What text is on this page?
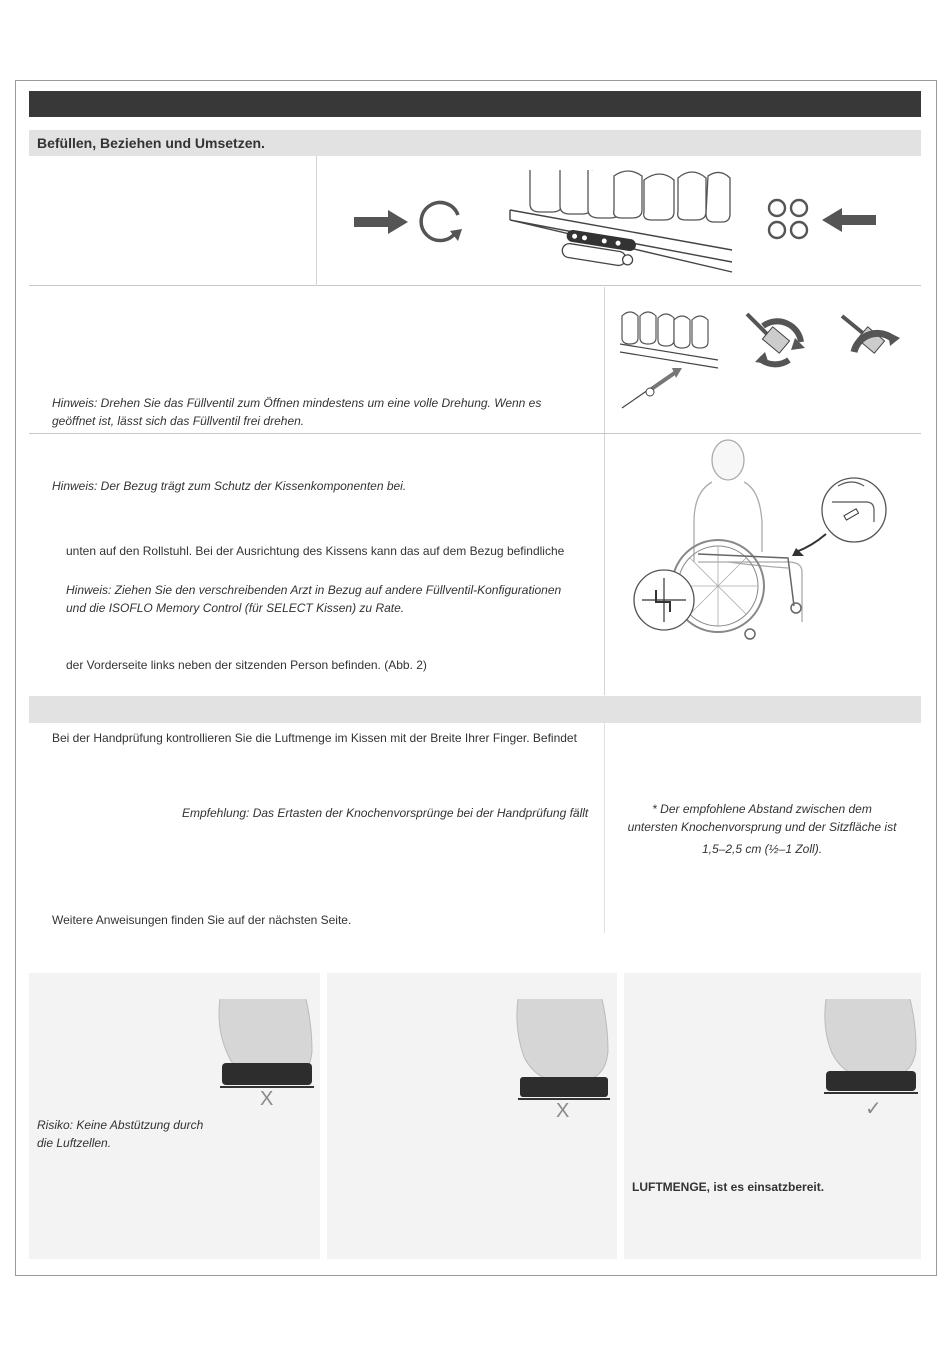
Befüllen, Beziehen und Umsetzen.
Hinweis: Drehen Sie das Füllventil zum Öffnen mindestens um eine volle Drehung. Wenn es
geöffnet ist, lässt sich das Füllventil frei drehen.
Hinweis: Der Bezug trägt zum Schutz der Kissenkomponenten bei.
unten auf den Rollstuhl. Bei der Ausrichtung des Kissens kann das auf dem Bezug befindliche
Hinweis: Ziehen Sie den verschreibenden Arzt in Bezug auf andere Füllventil-Konfigurationen
und die ISOFLO Memory Control (für SELECT Kissen) zu Rate.
der Vorderseite links neben der sitzenden Person befinden. (Abb. 2)
Bei der Handprüfung kontrollieren Sie die Luftmenge im Kissen mit der Breite Ihrer Finger. Befindet
Empfehlung: Das Ertasten der Knochenvorsprünge bei der Handprüfung fällt
Weitere Anweisungen finden Sie auf der nächsten Seite.
* Der empfohlene Abstand zwischen dem
untersten Knochenvorsprung und der Sitzfläche ist
1,5–2,5 cm (½–1 Zoll).
X
Risiko: Keine Abstützung durch
die Luftzellen.
X	✓
LUFTMENGE, ist es einsatzbereit.
